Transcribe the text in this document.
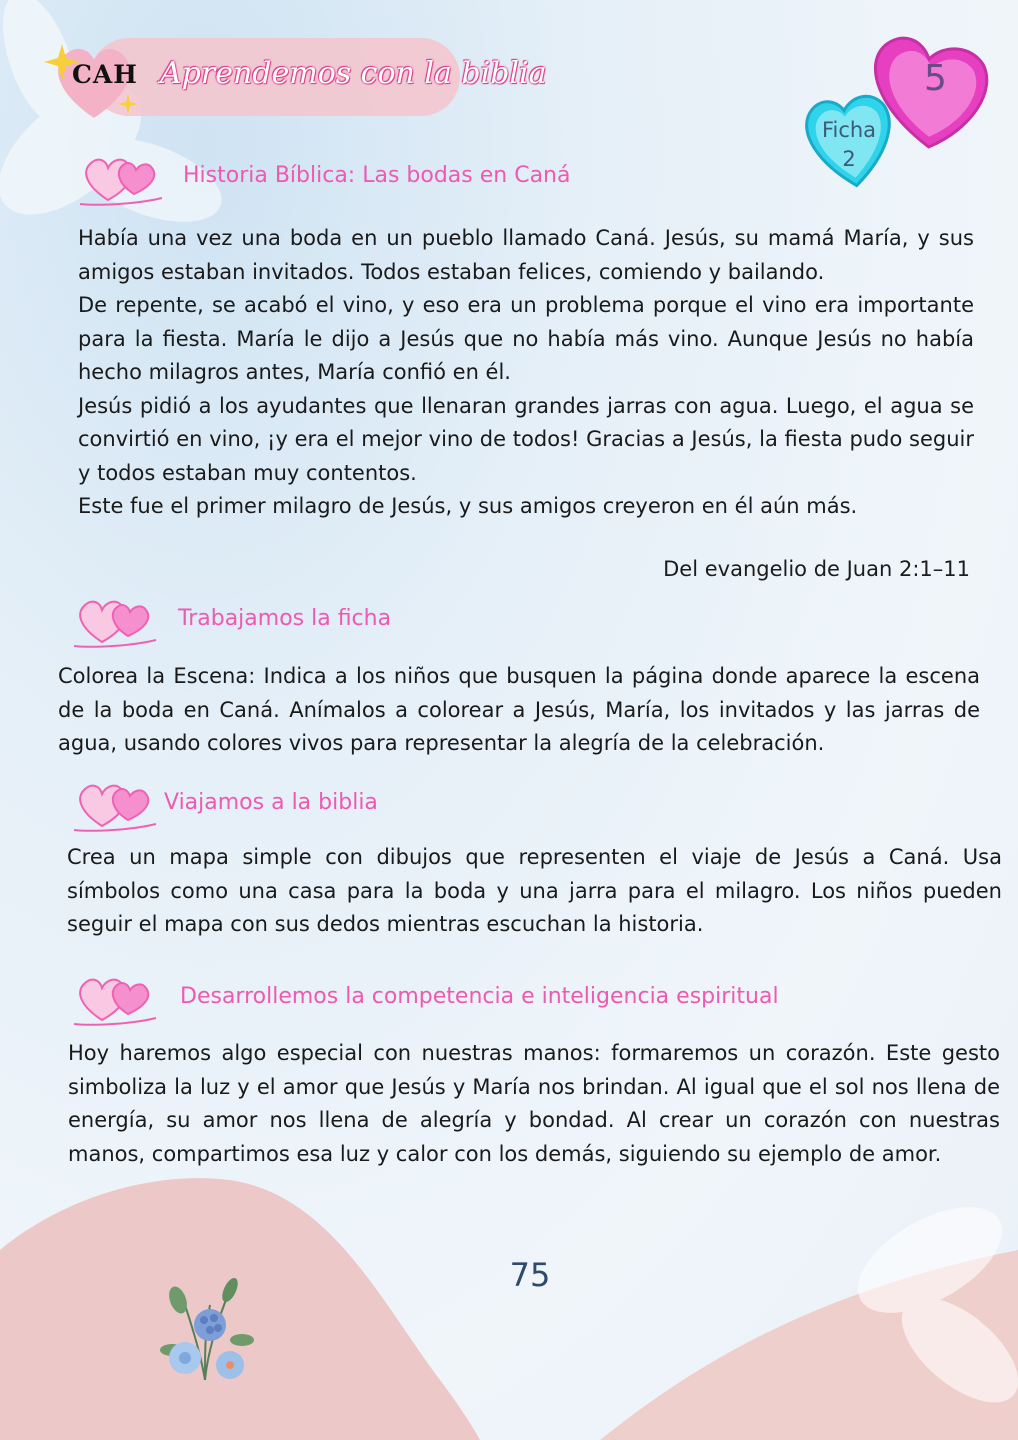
CAH Aprendemos con la biblia	5
Ficha
2
Historia Bíblica: Las bodas en Caná

Había una vez una boda en un pueblo llamado Caná. Jesús, su mamá María, y sus amigos estaban invitados. Todos estaban felices, comiendo y bailando.

De repente, se acabó el vino, y eso era un problema porque el vino era importante para la fiesta. María le dijo a Jesús que no había más vino. Aunque Jesús no había hecho milagros antes, María confió en él.

Jesús pidió a los ayudantes que llenaran grandes jarras con agua. Luego, el agua se convirtió en vino, ¡y era el mejor vino de todos! Gracias a Jesús, la fiesta pudo seguir y todos estaban muy contentos.

Este fue el primer milagro de Jesús, y sus amigos creyeron en él aún más.

Del evangelio de Juan 2:1–11
Trabajamos la ficha
Colorea la Escena: Indica a los niños que busquen la página donde aparece la escena de la boda en Caná. Anímalos a colorear a Jesús, María, los invitados y las jarras de agua, usando colores vivos para representar la alegría de la celebración.
Viajamos a la biblia
Crea un mapa simple con dibujos que representen el viaje de Jesús a Caná. Usa símbolos como una casa para la boda y una jarra para el milagro. Los niños pueden seguir el mapa con sus dedos mientras escuchan la historia.
Desarrollemos la competencia e inteligencia espiritual
Hoy haremos algo especial con nuestras manos: formaremos un corazón. Este gesto simboliza la luz y el amor que Jesús y María nos brindan. Al igual que el sol nos llena de energía, su amor nos llena de alegría y bondad. Al crear un corazón con nuestras manos, compartimos esa luz y calor con los demás, siguiendo su ejemplo de amor.
75
